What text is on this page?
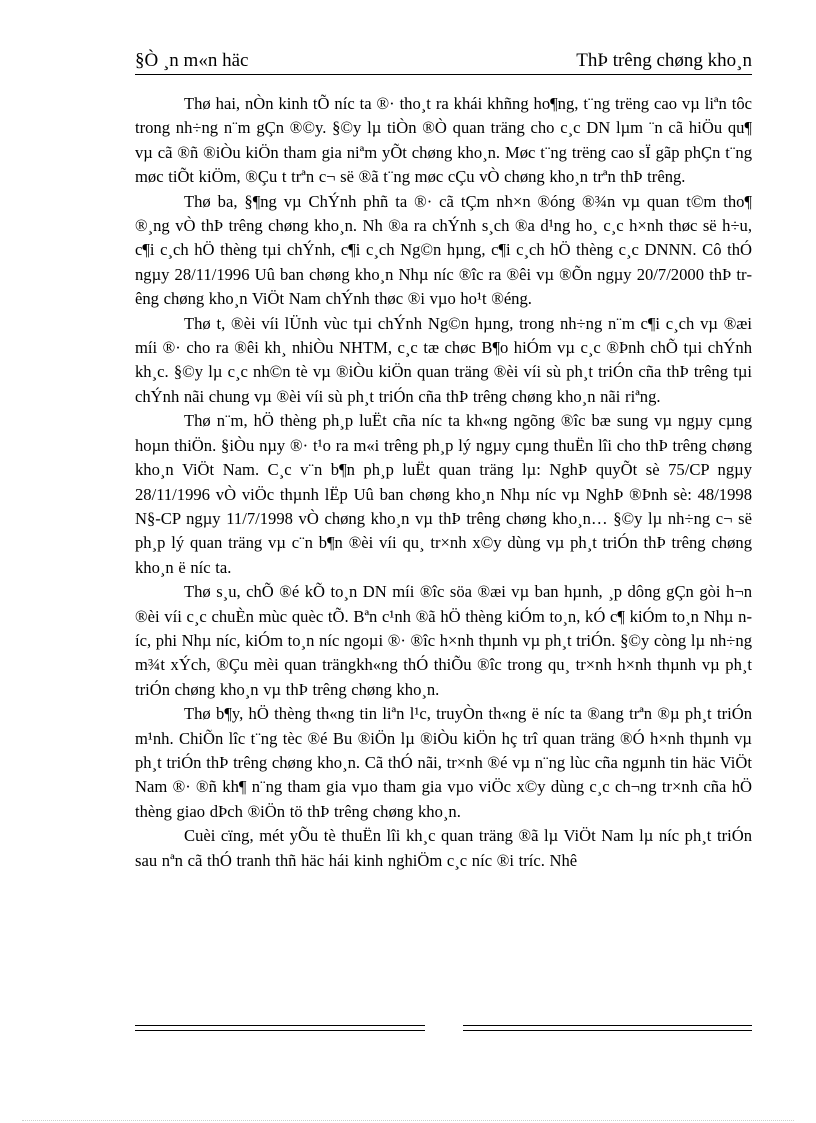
§Ò ¸n m«n häc	ThÞ trêng chøng kho¸n

Thø hai, nÒn kinh tÕ níc ta ®· tho¸t ra khái khñng ho¶ng, t¨ng trëng cao vµ liªn tôc trong nh÷ng n¨m gÇn ®©y. §©y lµ tiÒn ®Ò quan träng cho c¸c DN lµm ¨n cã hiÖu qu¶ vµ cã ®ñ ®iÒu kiÖn tham gia niªm yÕt chøng kho¸n. Møc t¨ng trëng cao sÏ gãp phÇn t¨ng møc tiÕt kiÖm, ®Çu t trªn c¬ së ®ã t¨ng møc cÇu vÒ chøng kho¸n trªn thÞ trêng.

Thø ba, §¶ng vµ ChÝnh phñ ta ®· cã tÇm nh×n ®óng ®¾n vµ quan t©m tho¶ ®¸ng vÒ thÞ trêng chøng kho¸n. Nh ®a ra chÝnh s¸ch ®a d¹ng ho¸ c¸c h×nh thøc së h÷u, c¶i c¸ch hÖ thèng tµi chÝnh, c¶i c¸ch Ng©n hµng, c¶i c¸ch hÖ thèng c¸c DNNN. Cô thÓ ngµy 28/11/1996 Uû ban chøng kho¸n Nhµ níc ®îc ra ®êi vµ ®Õn ngµy 20/7/2000 thÞ trêng chøng kho¸n ViÖt Nam chÝnh thøc ®i vµo ho¹t ®éng.

Thø t, ®èi víi lÜnh vùc tµi chÝnh Ng©n hµng, trong nh÷ng n¨m c¶i c¸ch vµ ®æi míi ®· cho ra ®êi kh¸ nhiÒu NHTM, c¸c tæ chøc B¶o hiÓm vµ c¸c ®Þnh chÕ tµi chÝnh kh¸c. §©y lµ c¸c nh©n tè vµ ®iÒu kiÖn quan träng ®èi víi sù ph¸t triÓn cña thÞ trêng tµi chÝnh nãi chung vµ ®èi víi sù ph¸t triÓn cña thÞ trêng chøng kho¸n nãi riªng.

Thø n¨m, hÖ thèng ph¸p luËt cña níc ta kh«ng ngõng ®îc bæ sung vµ ngµy cµng hoµn thiÖn. §iÒu nµy ®· t¹o ra m«i trêng ph¸p lý ngµy cµng thuËn lîi cho thÞ trêng chøng kho¸n ViÖt Nam. C¸c v¨n b¶n ph¸p luËt quan träng lµ: NghÞ quyÕt sè 75/CP ngµy 28/11/1996 vÒ viÖc thµnh lËp Uû ban chøng kho¸n Nhµ níc vµ NghÞ ®Þnh sè: 48/1998 N§-CP ngµy 11/7/1998 vÒ chøng kho¸n vµ thÞ trêng chøng kho¸n… §©y lµ nh÷ng c¬ së ph¸p lý quan träng vµ c¨n b¶n ®èi víi qu¸ tr×nh x©y dùng vµ ph¸t triÓn thÞ trêng chøng kho¸n ë níc ta.

Thø s¸u, chÕ ®é kÕ to¸n DN míi ®îc söa ®æi vµ ban hµnh, ¸p dông gÇn gòi h¬n ®èi víi c¸c chuÈn mùc quèc tÕ. Bªn c¹nh ®ã hÖ thèng kiÓm to¸n, kÓ c¶ kiÓm to¸n Nhµ níc, phi Nhµ níc, kiÓm to¸n níc ngoµi ®· ®îc h×nh thµnh vµ ph¸t triÓn. §©y còng lµ nh÷ng m¾t xÝch, ®Çu mèi quan trängkh«ng thÓ thiÕu ®îc trong qu¸ tr×nh h×nh thµnh vµ ph¸t triÓn chøng kho¸n vµ thÞ trêng chøng kho¸n.

Thø b¶y, hÖ thèng th«ng tin liªn l¹c, truyÒn th«ng ë níc ta ®ang trªn ®µ ph¸t triÓn m¹nh. ChiÕn lîc t¨ng tèc ®é Bu ®iÖn lµ ®iÒu kiÖn hç trî quan träng ®Ó h×nh thµnh vµ ph¸t triÓn thÞ trêng chøng kho¸n. Cã thÓ nãi, tr×nh ®é vµ n¨ng lùc cña ngµnh tin häc ViÖt Nam ®· ®ñ kh¶ n¨ng tham gia vµo tham gia vµo viÖc x©y dùng c¸c ch¬ng tr×nh cña hÖ thèng giao dÞch ®iÖn tö thÞ trêng chøng kho¸n.

Cuèi cïng, mét yÕu tè thuËn lîi kh¸c quan träng ®ã lµ ViÖt Nam lµ níc ph¸t triÓn sau nªn cã thÓ tranh thñ häc hái kinh nghiÖm c¸c níc ®i tríc. Nhê
